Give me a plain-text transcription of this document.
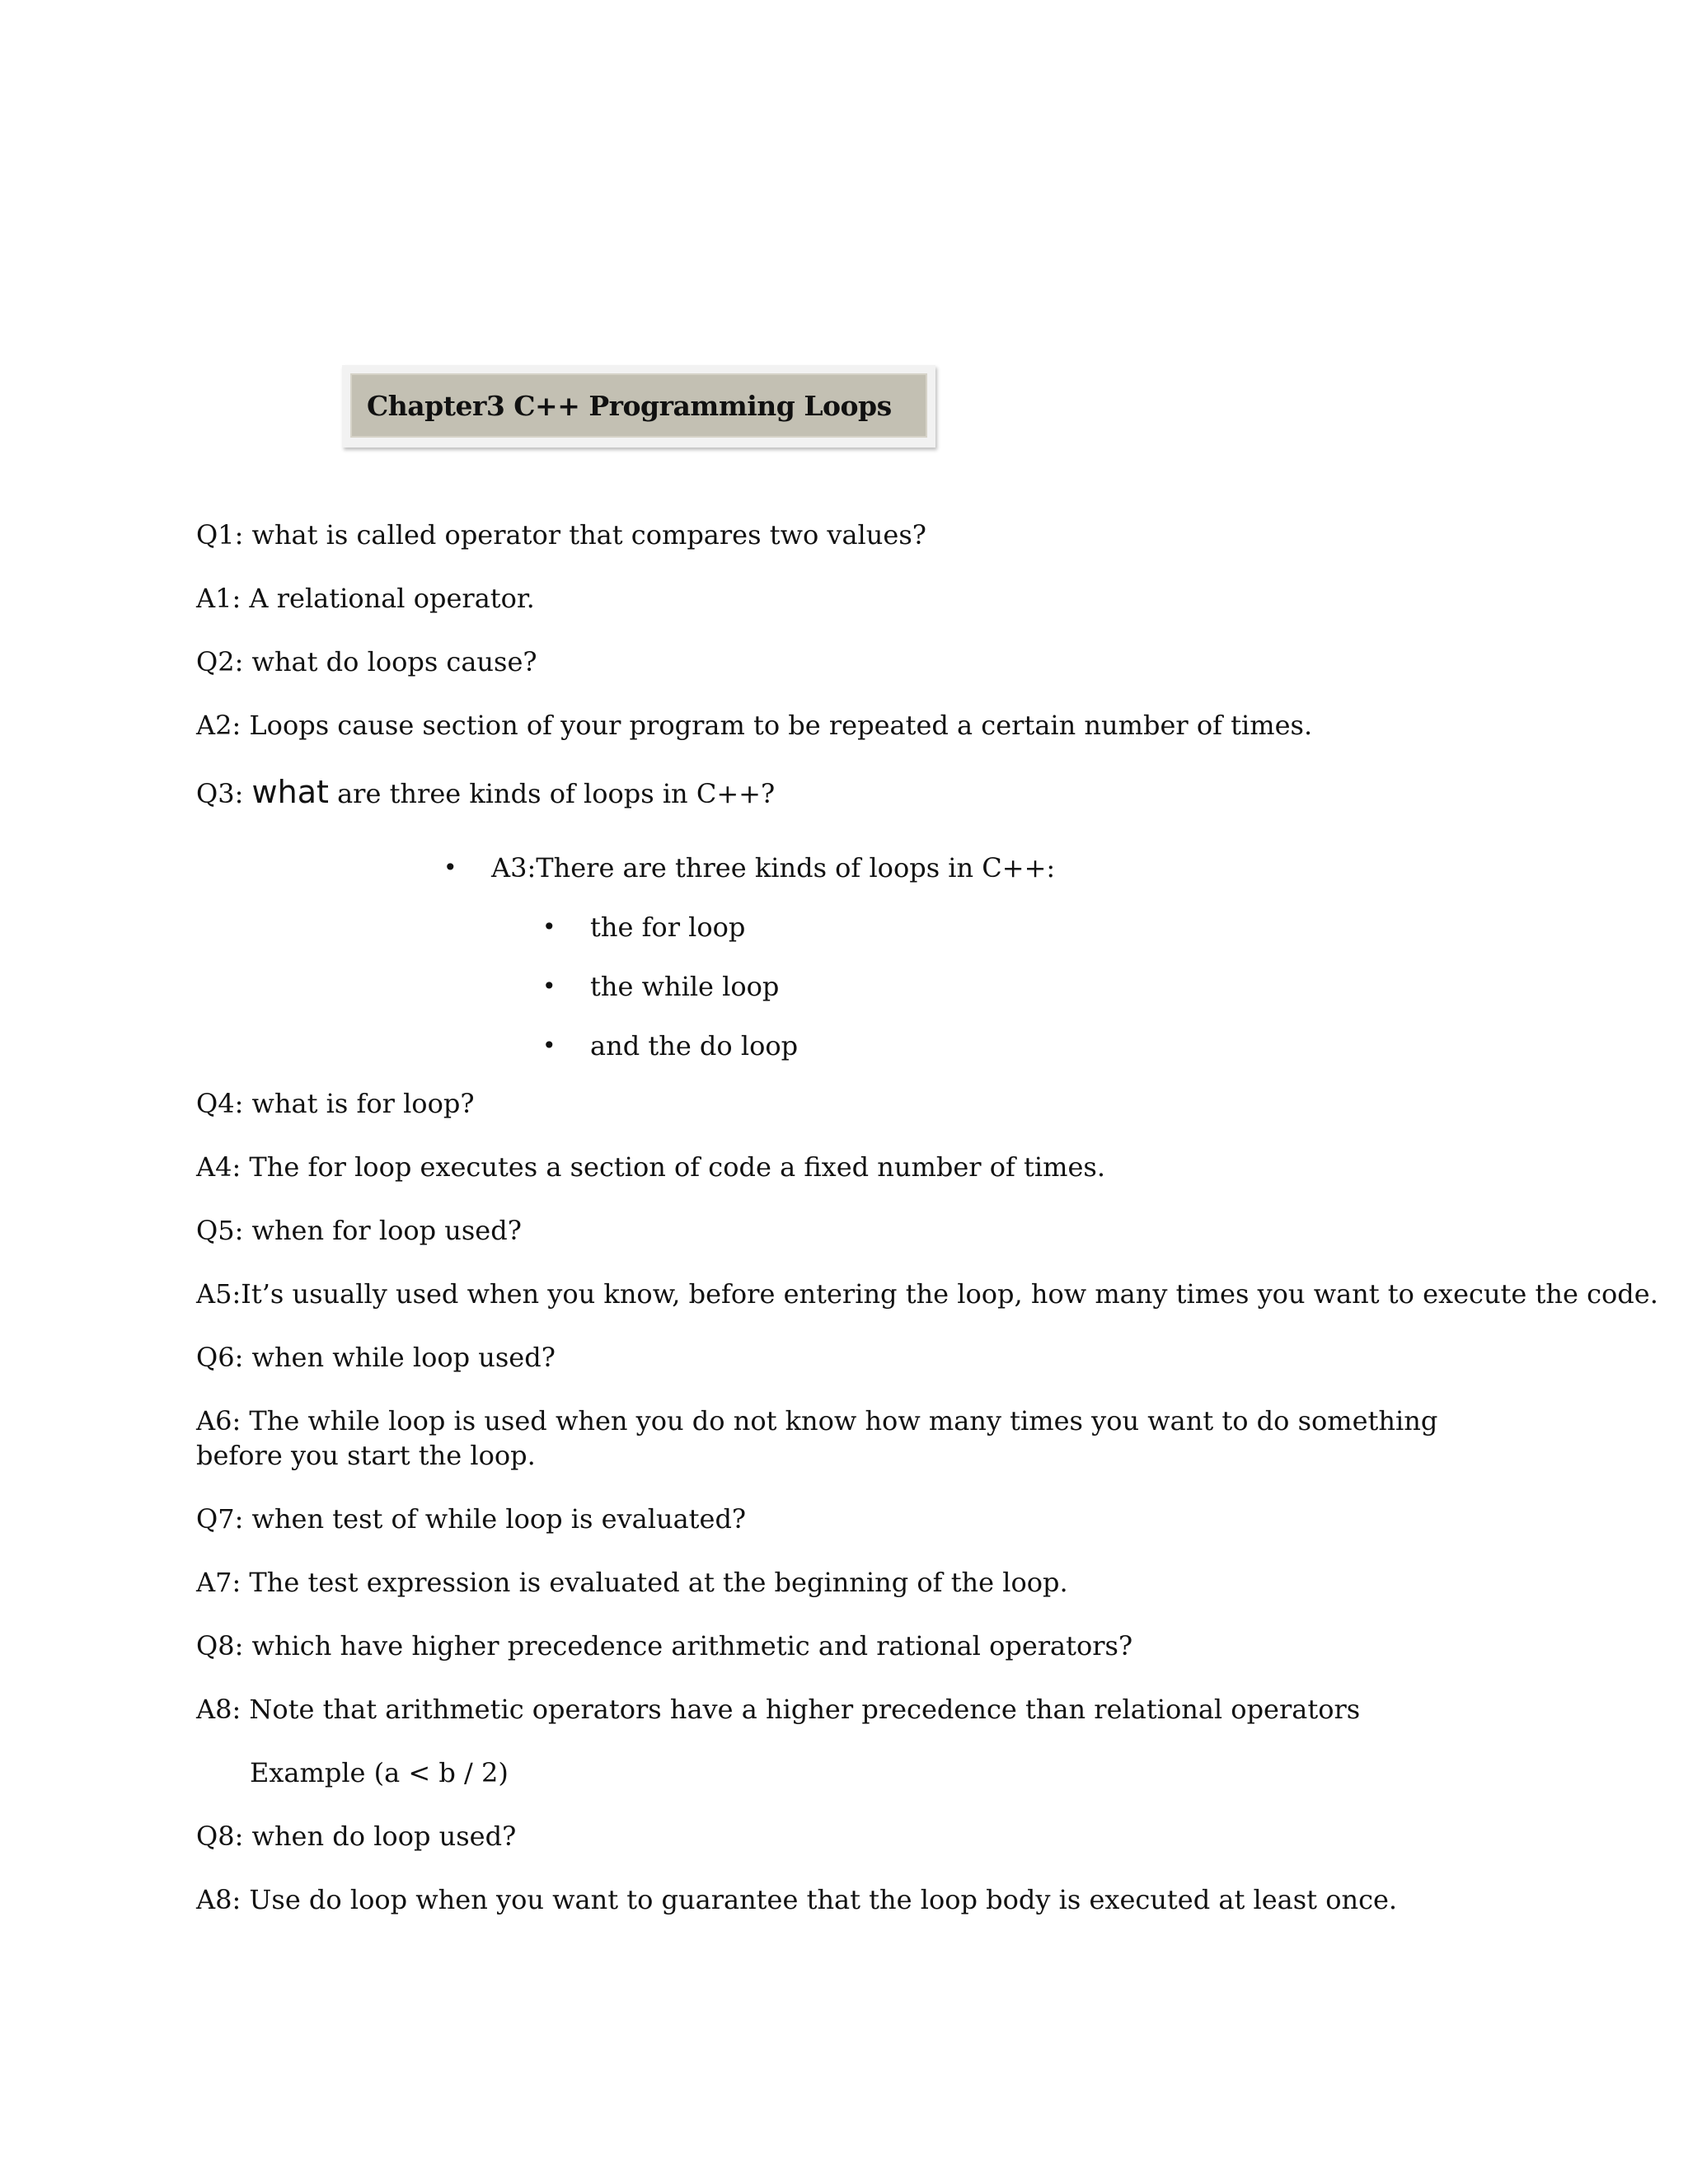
Chapter3 C++ Programming Loops
Q1: what is called operator that compares two values?
A1: A relational operator.
Q2: what do loops cause?
A2: Loops cause section of your program to be repeated a certain number of times.
Q3: what are three kinds of loops in C++?
• A3:There are three kinds of loops in C++:
• the for loop
• the while loop
• and the do loop
Q4: what is for loop?
A4: The for loop executes a section of code a fixed number of times.
Q5: when for loop used?
A5:It’s usually used when you know, before entering the loop, how many times you want to execute the code.
Q6: when while loop used?
A6: The while loop is used when you do not know how many times you want to do something before you start the loop.
Q7: when test of while loop is evaluated?
A7: The test expression is evaluated at the beginning of the loop.
Q8: which have higher precedence arithmetic and rational operators?
A8: Note that arithmetic operators have a higher precedence than relational operators
Example (a < b / 2)
Q8: when do loop used?
A8: Use do loop when you want to guarantee that the loop body is executed at least once.
